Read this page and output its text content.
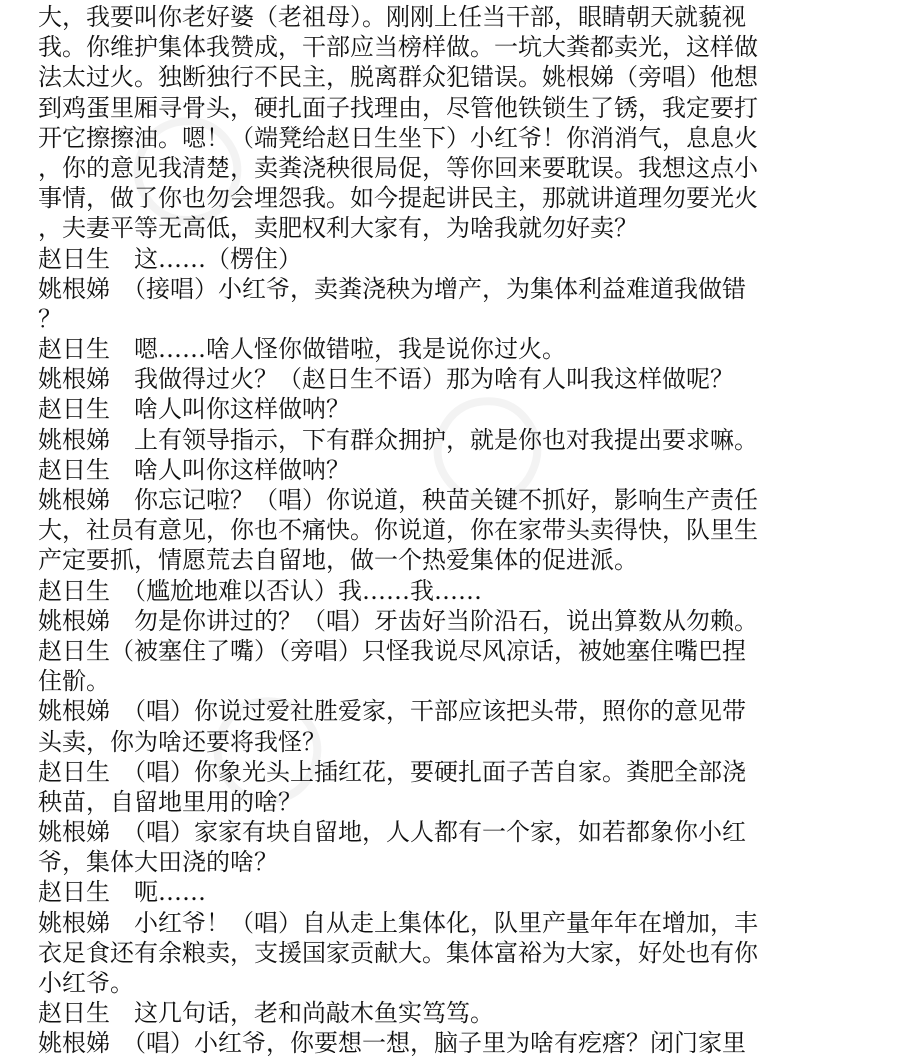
大，我要叫你老好婆（老祖母）。刚刚上任当干部，眼睛朝天就藐视
我。你维护集体我赞成，干部应当榜样做。一坑大粪都卖光，这样做
法太过火。独断独行不民主，脱离群众犯错误。姚根娣（旁唱）他想
到鸡蛋里厢寻骨头，硬扎面子找理由，尽管他铁锁生了锈，我定要打
开它擦擦油。嗯！（端凳给赵日生坐下）小红爷！你消消气，息息火
，你的意见我清楚，卖粪浇秧很局促，等你回来要耽误。我想这点小
事情，做了你也勿会埋怨我。如今提起讲民主，那就讲道理勿要光火
，夫妻平等无高低，卖肥权利大家有，为啥我就勿好卖？
赵日生　这……（楞住）
姚根娣　（接唱）小红爷，卖粪浇秧为增产，为集体利益难道我做错
？
赵日生　嗯……啥人怪你做错啦，我是说你过火。
姚根娣　我做得过火？（赵日生不语）那为啥有人叫我这样做呢？
赵日生　啥人叫你这样做呐？
姚根娣　上有领导指示，下有群众拥护，就是你也对我提出要求嘛。
赵日生　啥人叫你这样做呐？
姚根娣　你忘记啦？（唱）你说道，秧苗关键不抓好，影响生产责任
大，社员有意见，你也不痛快。你说道，你在家带头卖得快，队里生
产定要抓，情愿荒去自留地，做一个热爱集体的促进派。
赵日生　（尴尬地难以否认）我……我……
姚根娣　勿是你讲过的？（唱）牙齿好当阶沿石，说出算数从勿赖。
赵日生（被塞住了嘴）（旁唱）只怪我说尽风凉话，被她塞住嘴巴捏
住骱。
姚根娣　（唱）你说过爱社胜爱家，干部应该把头带，照你的意见带
头卖，你为啥还要将我怪？
赵日生　（唱）你象光头上插红花，要硬扎面子苦自家。粪肥全部浇
秧苗，自留地里用的啥？
姚根娣　（唱）家家有块自留地，人人都有一个家，如若都象你小红
爷，集体大田浇的啥？
赵日生　呃……
姚根娣　小红爷！（唱）自从走上集体化，队里产量年年在增加，丰
衣足食还有余粮卖，支援国家贡献大。集体富裕为大家，好处也有你
小红爷。
赵日生　这几句话，老和尚敲木鱼实笃笃。
姚根娣　（唱）小红爷，你要想一想，脑子里为啥有疙瘩？闭门家里
